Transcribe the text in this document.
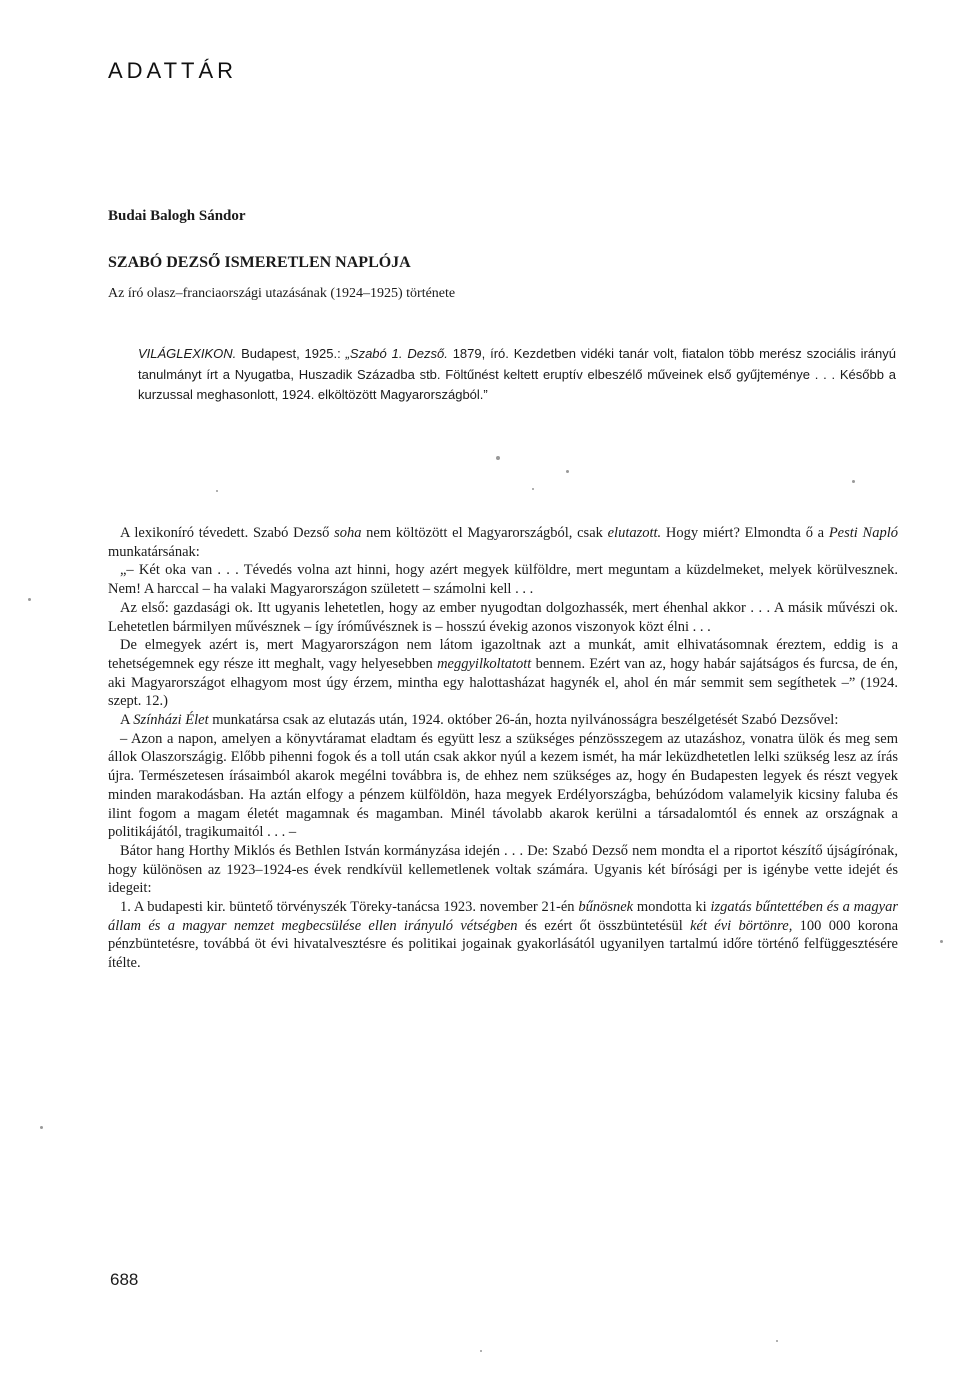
ADATTÁR
Budai Balogh Sándor
SZABÓ DEZSŐ ISMERETLEN NAPLÓJA
Az író olasz–franciaországi utazásának (1924–1925) története
VILÁGLEXIKON. Budapest, 1925.: „Szabó 1. Dezső. 1879, író. Kezdetben vidéki tanár volt, fiatalon több merész szociális irányú tanulmányt írt a Nyugatba, Huszadik Századba stb. Föltűnést keltett eruptív elbeszélő műveinek első gyűjteménye . . . Később a kurzussal meghasonlott, 1924. elköltözött Magyarországból.”

A lexikoníró tévedett. Szabó Dezső soha nem költözött el Magyarországból, csak elutazott. Hogy miért? Elmondta ő a Pesti Napló munkatársának:

„– Két oka van . . . Tévedés volna azt hinni, hogy azért megyek külföldre, mert meguntam a küzdelmeket, melyek körülvesznek. Nem! A harccal – ha valaki Magyarországon született – számolni kell . . .

Az első: gazdasági ok. Itt ugyanis lehetetlen, hogy az ember nyugodtan dolgozhassék, mert éhenhal akkor . . . A másik művészi ok. Lehetetlen bármilyen művésznek – így íróművésznek is – hosszú évekig azonos viszonyok közt élni . . .

De elmegyek azért is, mert Magyarországon nem látom igazoltnak azt a munkát, amit elhivatásomnak éreztem, eddig is a tehetségemnek egy része itt meghalt, vagy helyesebben meggyilkoltatott bennem. Ezért van az, hogy habár sajátságos és furcsa, de én, aki Magyarországot elhagyom most úgy érzem, mintha egy halottasházat hagynék el, ahol én már semmit sem segíthetek –” (1924. szept. 12.)

A Színházi Élet munkatársa csak az elutazás után, 1924. október 26-án, hozta nyilvánosságra beszélgetését Szabó Dezsővel:

– Azon a napon, amelyen a könyvtáramat eladtam és együtt lesz a szükséges pénzösszegem az utazáshoz, vonatra ülök és meg sem állok Olaszországig. Előbb pihenni fogok és a toll után csak akkor nyúl a kezem ismét, ha már leküzdhetetlen lelki szükség lesz az írás újra. Természetesen írásaimból akarok megélni továbbra is, de ehhez nem szükséges az, hogy én Budapesten legyek és részt vegyek minden marakodásban. Ha aztán elfogy a pénzem külföldön, haza megyek Erdélyországba, behúzódom valamelyik kicsiny faluba és ilint fogom a magam életét magamnak és magamban. Minél távolabb akarok kerülni a társadalomtól és ennek az országnak a politikájától, tragikumaitól . . . –

Bátor hang Horthy Miklós és Bethlen István kormányzása idején . . . De: Szabó Dezső nem mondta el a riportot készítő újságírónak, hogy különösen az 1923–1924-es évek rendkívül kellemetlenek voltak számára. Ugyanis két bírósági per is igénybe vette idejét és idegeit:

1. A budapesti kir. büntető törvényszék Töreky-tanácsa 1923. november 21-én bűnösnek mondotta ki izgatás bűntettében és a magyar állam és a magyar nemzet megbecsülése ellen irányuló vétségben és ezért őt összbüntetésül két évi börtönre, 100 000 korona pénzbüntetésre, továbbá öt évi hivatalvesztésre és politikai jogainak gyakorlásától ugyanilyen tartalmú időre történő felfüggesztésére ítélte.

688
